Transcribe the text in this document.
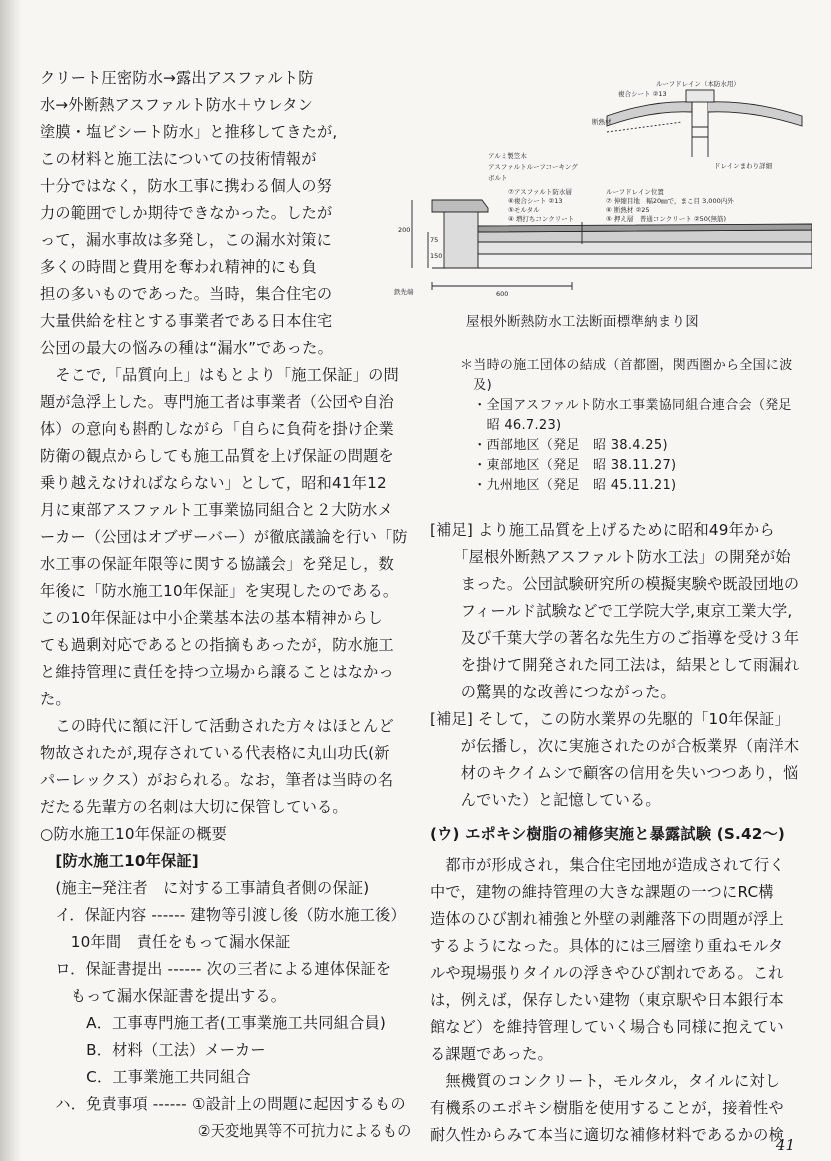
クリート圧密防水→露出アスファルト防
水→外断熱アスファルト防水＋ウレタン
塗膜・塩ビシート防水」と推移してきたが,
この材料と施工法についての技術情報が
十分ではなく，防水工事に携わる個人の努
力の範囲でしか期待できなかった。したが
って，漏水事故は多発し，この漏水対策に
多くの時間と費用を奪われ精神的にも負
担の多いものであった。当時，集合住宅の
大量供給を柱とする事業者である日本住宅
公団の最大の悩みの種は“漏水”であった。
　そこで,「品質向上」はもとより「施工保証」の問
題が急浮上した。専門施工者は事業者（公団や自治
体）の意向も斟酌しながら「自らに負荷を掛け企業
防衛の観点からしても施工品質を上げ保証の問題を
乗り越えなければならない」として，昭和41年12
月に東部アスファルト工事業協同組合と２大防水メ
ーカー（公団はオブザーバー）が徹底議論を行い「防
水工事の保証年限等に関する協議会」を発足し，数
年後に「防水施工10年保証」を実現したのである。
この10年保証は中小企業基本法の基本精神からし
ても過剰対応であるとの指摘もあったが，防水施工
と維持管理に責任を持つ立場から譲ることはなかっ
た。
　この時代に額に汗して活動された方々はほとんど
物故されたが,現存されている代表格に丸山功氏(新
パーレックス）がおられる。なお，筆者は当時の名
だたる先輩方の名刺は大切に保管している。
○防水施工10年保証の概要
　[防水施工10年保証]
　(施主─発注者　に対する工事請負者側の保証)
　イ．保証内容 ------ 建物等引渡し後（防水施工後）
　　10年間　責任をもって漏水保証
　ロ．保証書提出 ------ 次の三者による連体保証を
　　もって漏水保証書を提出する。
　　　A．工事専門施工者(工事業施工共同組合員)
　　　B．材料（工法）メーカー
　　　C．工事業施工共同組合
　ハ．免責事項 ------ ①設計上の問題に起因するもの
　　　　　　　　　　　②天変地異等不可抗力によるもの
ルーフドレイン（本防水用）
複合シート ②13
断熱材
ドレインまわり詳細
アルミ製笠木
アスファルトルーフコーキング
ボルト
⑦アスファルト防水層
⑥複合シート ②13
⑤モルタル
④ 増打ちコンクリート
ルーフドレイン位置
⑦ 伸縮目地　幅20㎜で，まこ目 3,000内外
⑥ 断熱材 ②25
⑤ 押え層　普通コンクリート ②50(無筋)
200
75
150
600
鉄先端
屋根外断熱防水工法断面標準納まり図
＊当時の施工団体の結成（首都圏，関西圏から全国に波
　及)
　・全国アスファルト防水工事業協同組合連合会（発足
　　昭 46.7.23)
　・西部地区（発足　昭 38.4.25)
　・東部地区（発足　昭 38.11.27)
　・九州地区（発足　昭 45.11.21)
[補足] より施工品質を上げるために昭和49年から
　　「屋根外断熱アスファルト防水工法」の開発が始
　　まった。公団試験研究所の模擬実験や既設団地の
　　フィールド試験などで工学院大学,東京工業大学,
　　及び千葉大学の著名な先生方のご指導を受け３年
　　を掛けて開発された同工法は，結果として雨漏れ
　　の驚異的な改善につながった。
[補足] そして，この防水業界の先駆的「10年保証」
　　が伝播し，次に実施されたのが合板業界（南洋木
　　材のキクイムシで顧客の信用を失いつつあり，悩
　　んでいた）と記憶している。
(ウ) エポキシ樹脂の補修実施と暴露試験 (S.42～)
　都市が形成され，集合住宅団地が造成されて行く
中で，建物の維持管理の大きな課題の一つにRC構
造体のひび割れ補強と外壁の剥離落下の問題が浮上
するようになった。具体的には三層塗り重ねモルタ
ルや現場張りタイルの浮きやひび割れである。これ
は，例えば，保存したい建物（東京駅や日本銀行本
館など）を維持管理していく場合も同様に抱えてい
る課題であった。
　無機質のコンクリート，モルタル，タイルに対し
有機系のエポキシ樹脂を使用することが，接着性や
耐久性からみて本当に適切な補修材料であるかの検
41
